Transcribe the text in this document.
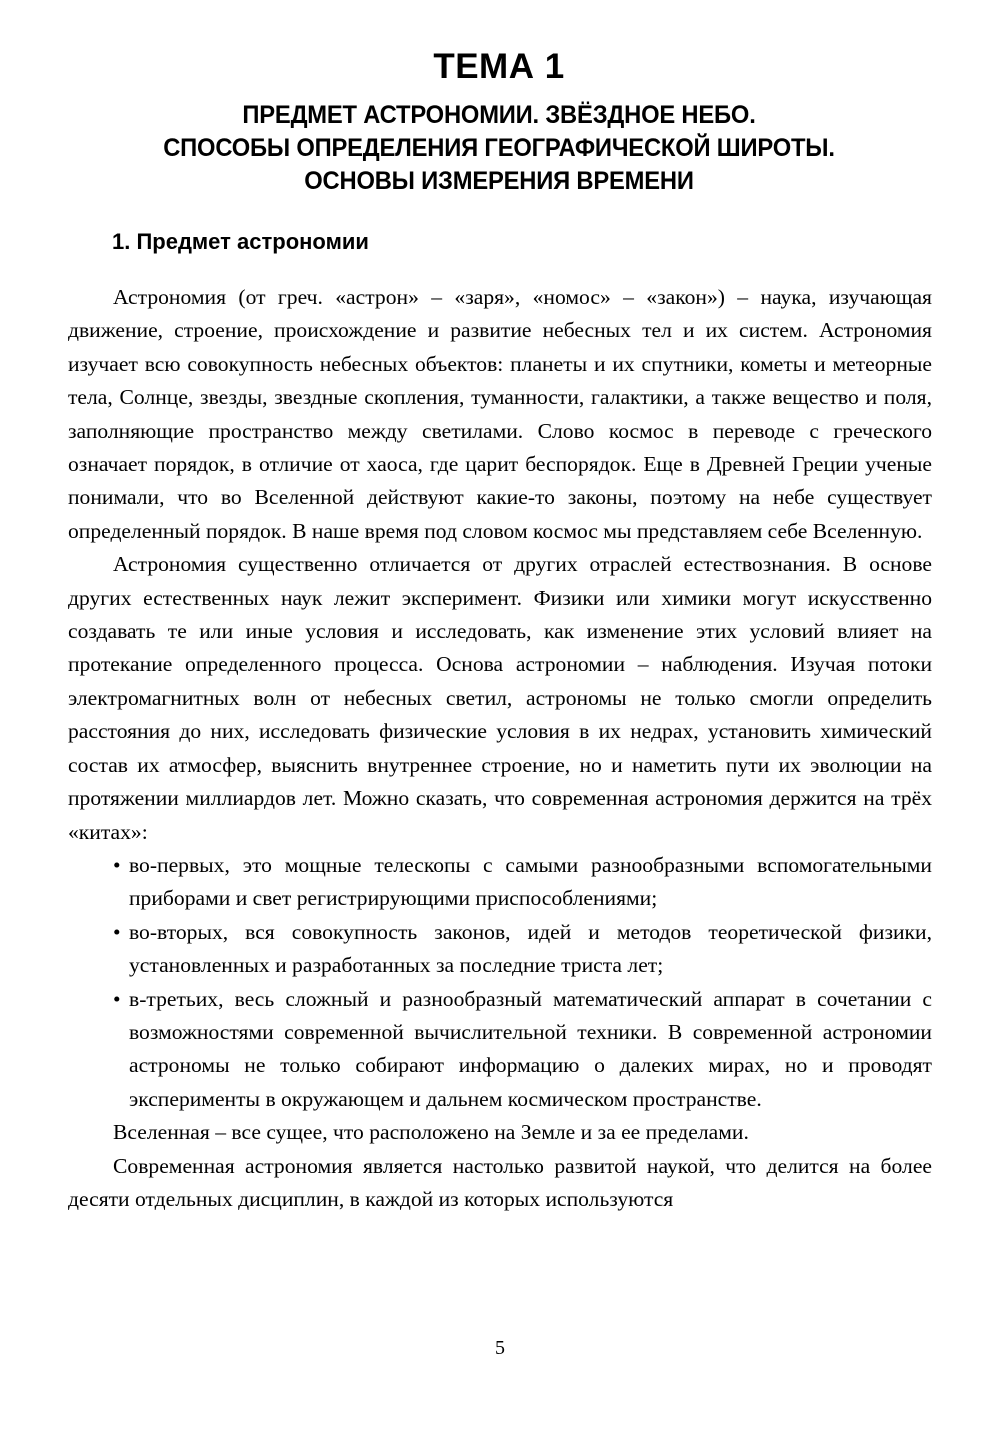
ТЕМА 1
ПРЕДМЕТ АСТРОНОМИИ. ЗВЁЗДНОЕ НЕБО.
СПОСОБЫ ОПРЕДЕЛЕНИЯ ГЕОГРАФИЧЕСКОЙ ШИРОТЫ.
ОСНОВЫ ИЗМЕРЕНИЯ ВРЕМЕНИ
1. Предмет астрономии

Астрономия (от греч. «астрон» – «заря», «номос» – «закон») – наука, изучающая движение, строение, происхождение и развитие небесных тел и их систем. Астрономия изучает всю совокупность небесных объектов: планеты и их спутники, кометы и метеорные тела, Солнце, звезды, звездные скопления, туманности, галактики, а также вещество и поля, заполняющие пространство между светилами. Слово космос в переводе с греческого означает порядок, в отличие от хаоса, где царит беспорядок. Еще в Древней Греции ученые понимали, что во Вселенной действуют какие-то законы, поэтому на небе существует определенный порядок. В наше время под словом космос мы представляем себе Вселенную.

Астрономия существенно отличается от других отраслей естествознания. В основе других естественных наук лежит эксперимент. Физики или химики могут искусственно создавать те или иные условия и исследовать, как изменение этих условий влияет на протекание определенного процесса. Основа астрономии – наблюдения. Изучая потоки электромагнитных волн от небесных светил, астрономы не только смогли определить расстояния до них, исследовать физические условия в их недрах, установить химический состав их атмосфер, выяснить внутреннее строение, но и наметить пути их эволюции на протяжении миллиардов лет. Можно сказать, что современная астрономия держится на трёх «китах»:

• во-первых, это мощные телескопы с самыми разнообразными вспомогательными приборами и свет регистрирующими приспособлениями;
• во-вторых, вся совокупность законов, идей и методов теоретической физики, установленных и разработанных за последние триста лет;
• в-третьих, весь сложный и разнообразный математический аппарат в сочетании с возможностями современной вычислительной техники. В современной астрономии астрономы не только собирают информацию о далеких мирах, но и проводят эксперименты в окружающем и дальнем космическом пространстве.

Вселенная – все сущее, что расположено на Земле и за ее пределами.

Современная астрономия является настолько развитой наукой, что делится на более десяти отдельных дисциплин, в каждой из которых используются

5
